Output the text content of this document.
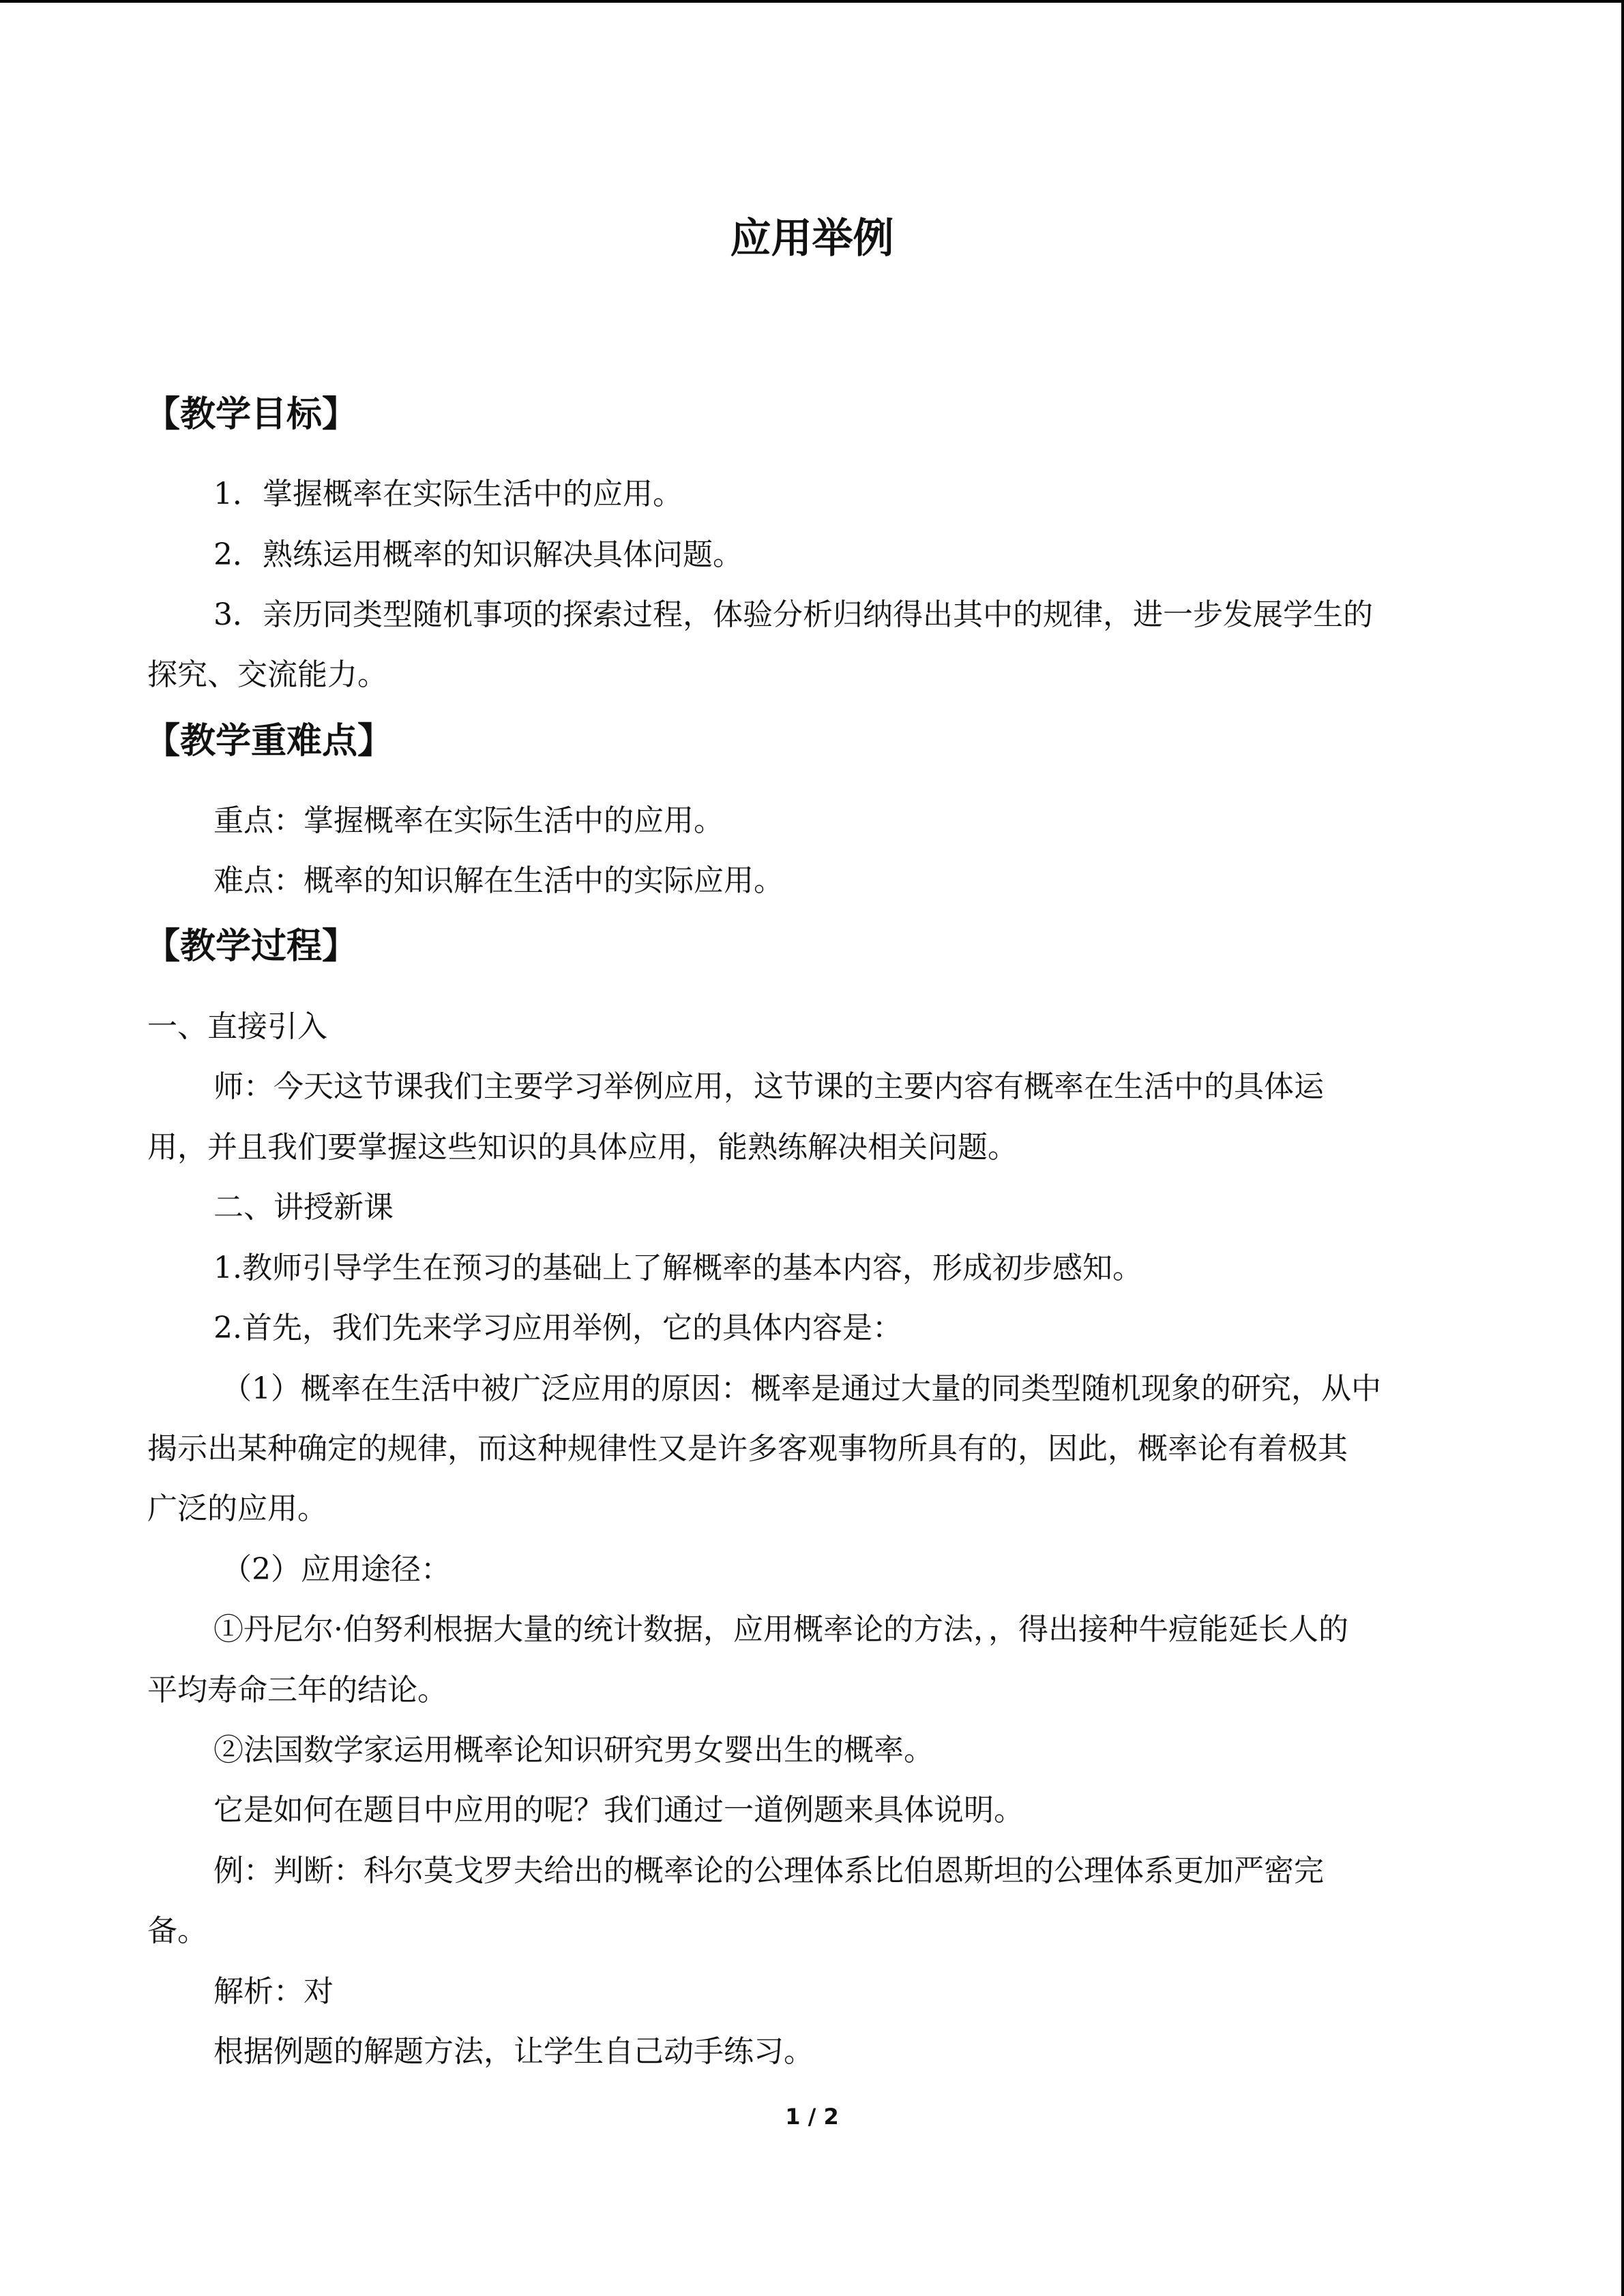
应用举例
【教学目标】
1．掌握概率在实际生活中的应用。
2．熟练运用概率的知识解决具体问题。
3．亲历同类型随机事项的探索过程，体验分析归纳得出其中的规律，进一步发展学生的
探究、交流能力。
【教学重难点】
重点：掌握概率在实际生活中的应用。
难点：概率的知识解在生活中的实际应用。
【教学过程】
一、直接引入
师：今天这节课我们主要学习举例应用，这节课的主要内容有概率在生活中的具体运
用，并且我们要掌握这些知识的具体应用，能熟练解决相关问题。
二、讲授新课
1.教师引导学生在预习的基础上了解概率的基本内容，形成初步感知。
2.首先，我们先来学习应用举例，它的具体内容是：
（1）概率在生活中被广泛应用的原因：概率是通过大量的同类型随机现象的研究，从中
揭示出某种确定的规律，而这种规律性又是许多客观事物所具有的，因此，概率论有着极其
广泛的应用。
（2）应用途径：
①丹尼尔·伯努利根据大量的统计数据，应用概率论的方法，，得出接种牛痘能延长人的
平均寿命三年的结论。
②法国数学家运用概率论知识研究男女婴出生的概率。
它是如何在题目中应用的呢？我们通过一道例题来具体说明。
例：判断：科尔莫戈罗夫给出的概率论的公理体系比伯恩斯坦的公理体系更加严密完
备。
解析：对
根据例题的解题方法，让学生自己动手练习。
1 / 2
